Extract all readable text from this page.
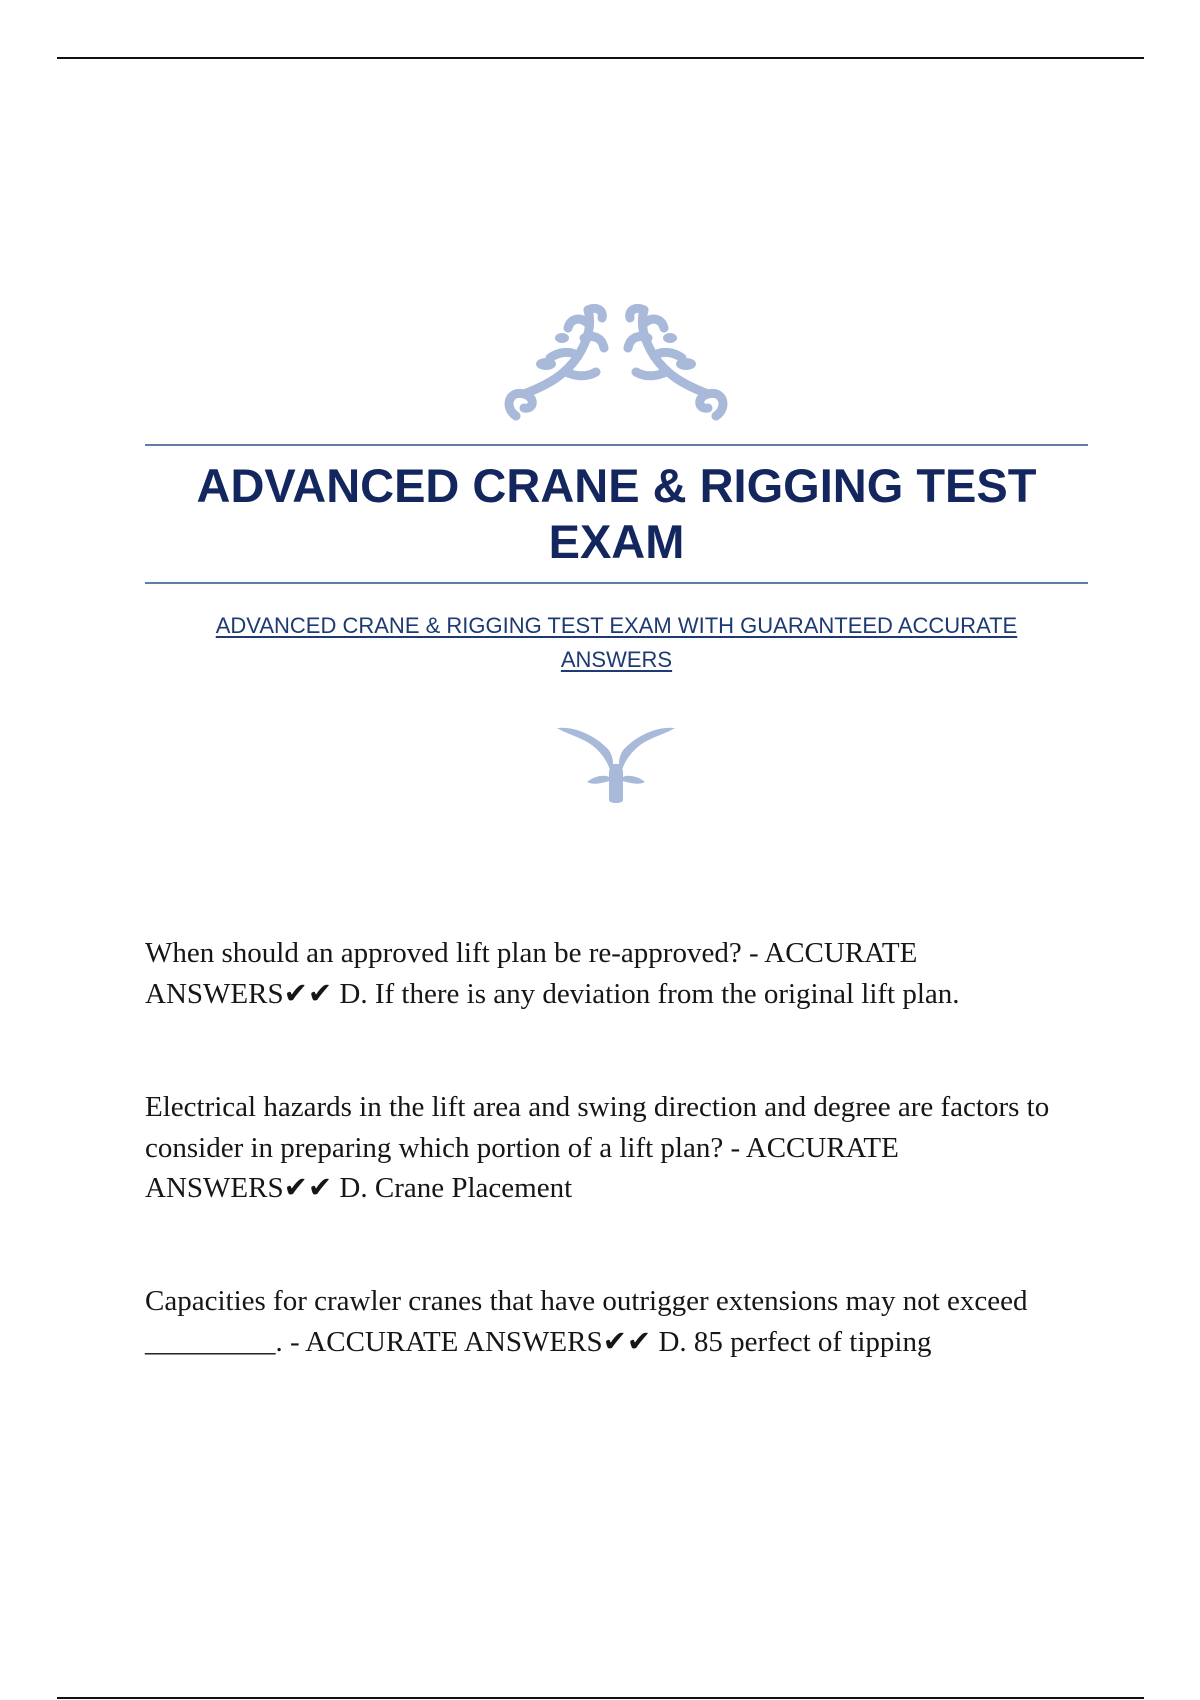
ADVANCED CRANE & RIGGING TEST EXAM

ADVANCED CRANE & RIGGING TEST EXAM WITH GUARANTEED ACCURATE ANSWERS

When should an approved lift plan be re-approved? - ACCURATE ANSWERS✔✔ D. If there is any deviation from the original lift plan.

Electrical hazards in the lift area and swing direction and degree are factors to consider in preparing which portion of a lift plan? - ACCURATE ANSWERS✔✔ D. Crane Placement

Capacities for crawler cranes that have outrigger extensions may not exceed _________. - ACCURATE ANSWERS✔✔ D. 85 perfect of tipping
